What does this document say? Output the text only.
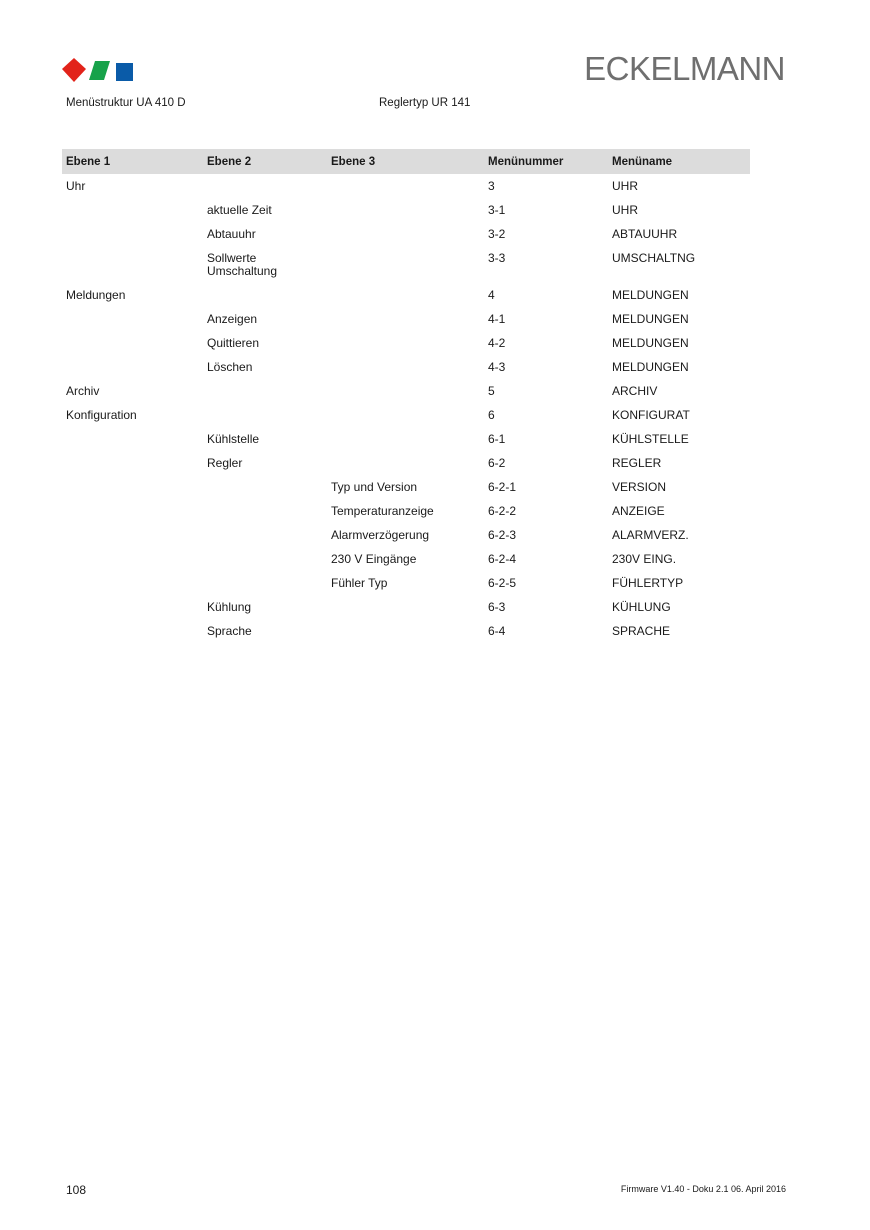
ECKELMANN
Menüstruktur UA 410 D	Reglertyp UR 141
Ebene 1	Ebene 2	Ebene 3	Menünummer	Menüname
Uhr			3	UHR
	aktuelle Zeit		3-1	UHR
	Abtauuhr		3-2	ABTAUUHR
	Sollwerte
Umschaltung		3-3	UMSCHALTNG
Meldungen			4	MELDUNGEN
	Anzeigen		4-1	MELDUNGEN
	Quittieren		4-2	MELDUNGEN
	Löschen		4-3	MELDUNGEN
Archiv			5	ARCHIV
Konfiguration			6	KONFIGURAT
	Kühlstelle		6-1	KÜHLSTELLE
	Regler		6-2	REGLER
		Typ und Version	6-2-1	VERSION
		Temperaturanzeige	6-2-2	ANZEIGE
		Alarmverzögerung	6-2-3	ALARMVERZ.
		230 V Eingänge	6-2-4	230V EING.
		Fühler Typ	6-2-5	FÜHLERTYP
	Kühlung		6-3	KÜHLUNG
	Sprache		6-4	SPRACHE
108	Firmware V1.40 - Doku 2.1 06. April 2016
